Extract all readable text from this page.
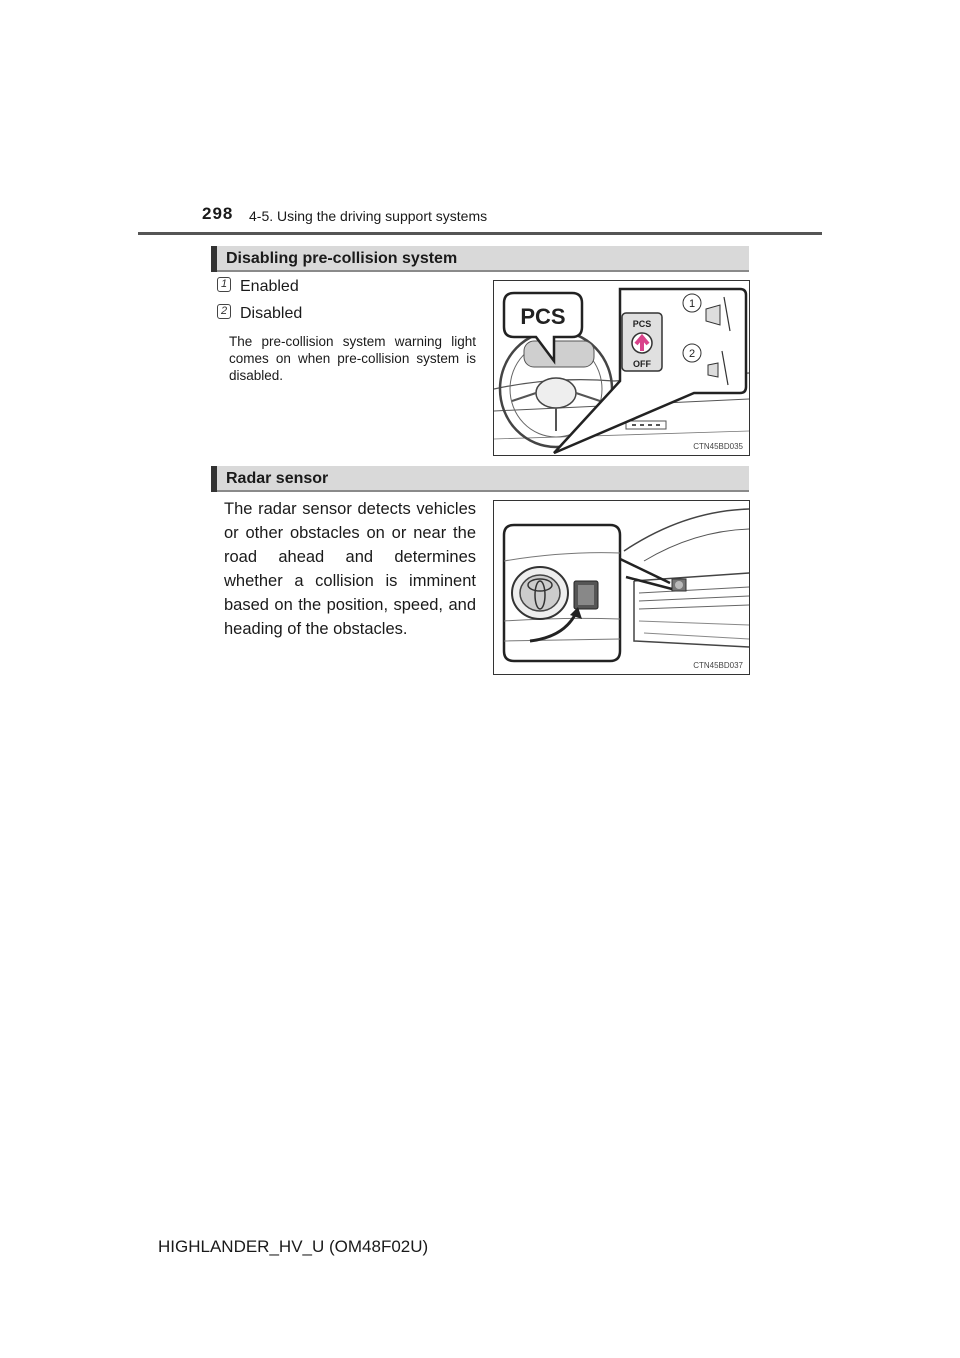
298 4-5. Using the driving support systems
Disabling pre-collision system
1 Enabled
2 Disabled
The pre-collision system warning light comes on when pre-collision system is disabled.
PCS	PCS
OFF
1
2
CTN45BD035
Radar sensor
The radar sensor detects vehicles or other obstacles on or near the road ahead and determines whether a collision is imminent based on the position, speed, and heading of the obstacles.
CTN45BD037
HIGHLANDER_HV_U (OM48F02U)
